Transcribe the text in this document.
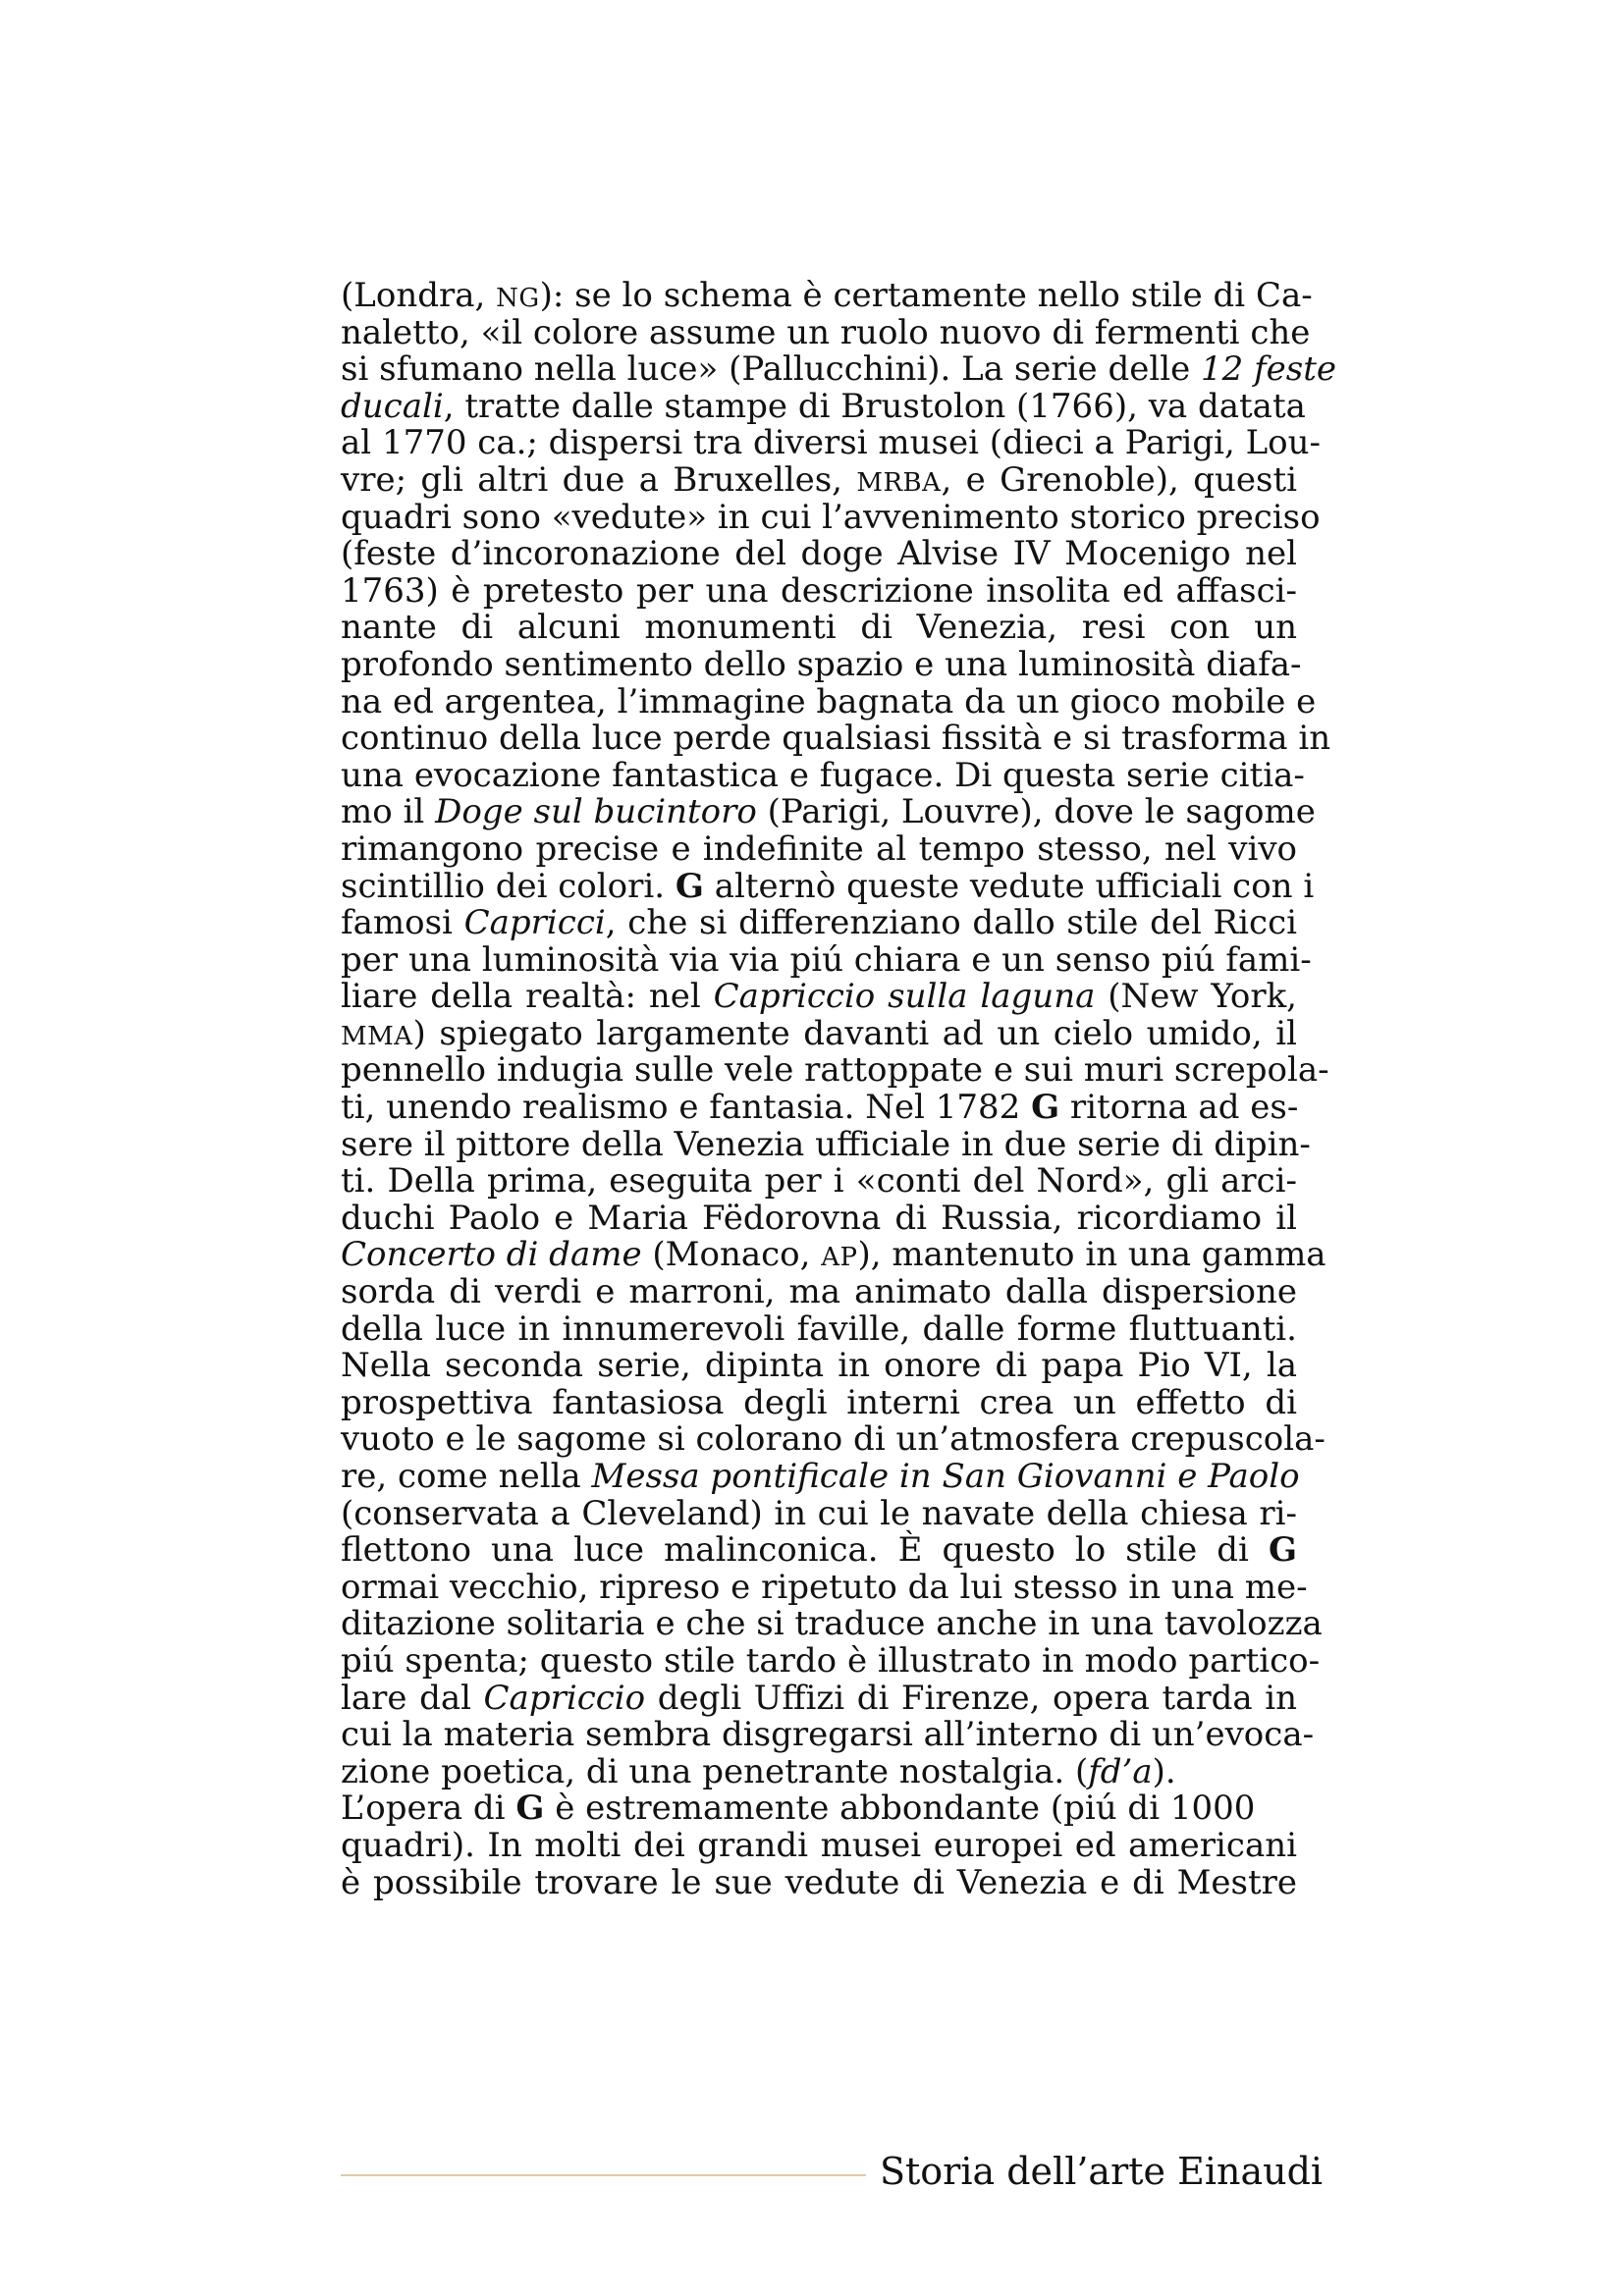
(Londra, NG): se lo schema è certamente nello stile di Ca-
naletto, «il colore assume un ruolo nuovo di fermenti che
si sfumano nella luce» (Pallucchini). La serie delle 12 feste
ducali, tratte dalle stampe di Brustolon (1766), va datata
al 1770 ca.; dispersi tra diversi musei (dieci a Parigi, Lou-
vre; gli altri due a Bruxelles, MRBA, e Grenoble), questi
quadri sono «vedute» in cui l’avvenimento storico preciso
(feste d’incoronazione del doge Alvise IV Mocenigo nel
1763) è pretesto per una descrizione insolita ed affasci-
nante di alcuni monumenti di Venezia, resi con un
profondo sentimento dello spazio e una luminosità diafa-
na ed argentea, l’immagine bagnata da un gioco mobile e
continuo della luce perde qualsiasi fissità e si trasforma in
una evocazione fantastica e fugace. Di questa serie citia-
mo il Doge sul bucintoro (Parigi, Louvre), dove le sagome
rimangono precise e indefinite al tempo stesso, nel vivo
scintillio dei colori. G alternò queste vedute ufficiali con i
famosi Capricci, che si differenziano dallo stile del Ricci
per una luminosità via via piú chiara e un senso piú fami-
liare della realtà: nel Capriccio sulla laguna (New York,
MMA) spiegato largamente davanti ad un cielo umido, il
pennello indugia sulle vele rattoppate e sui muri screpola-
ti, unendo realismo e fantasia. Nel 1782 G ritorna ad es-
sere il pittore della Venezia ufficiale in due serie di dipin-
ti. Della prima, eseguita per i «conti del Nord», gli arci-
duchi Paolo e Maria Fëdorovna di Russia, ricordiamo il
Concerto di dame (Monaco, AP), mantenuto in una gamma
sorda di verdi e marroni, ma animato dalla dispersione
della luce in innumerevoli faville, dalle forme fluttuanti.
Nella seconda serie, dipinta in onore di papa Pio VI, la
prospettiva fantasiosa degli interni crea un effetto di
vuoto e le sagome si colorano di un’atmosfera crepuscola-
re, come nella Messa pontificale in San Giovanni e Paolo
(conservata a Cleveland) in cui le navate della chiesa ri-
flettono una luce malinconica. È questo lo stile di G
ormai vecchio, ripreso e ripetuto da lui stesso in una me-
ditazione solitaria e che si traduce anche in una tavolozza
piú spenta; questo stile tardo è illustrato in modo partico-
lare dal Capriccio degli Uffizi di Firenze, opera tarda in
cui la materia sembra disgregarsi all’interno di un’evoca-
zione poetica, di una penetrante nostalgia. (fd’a).
L’opera di G è estremamente abbondante (piú di 1000
quadri). In molti dei grandi musei europei ed americani
è possibile trovare le sue vedute di Venezia e di Mestre
Storia dell’arte Einaudi
